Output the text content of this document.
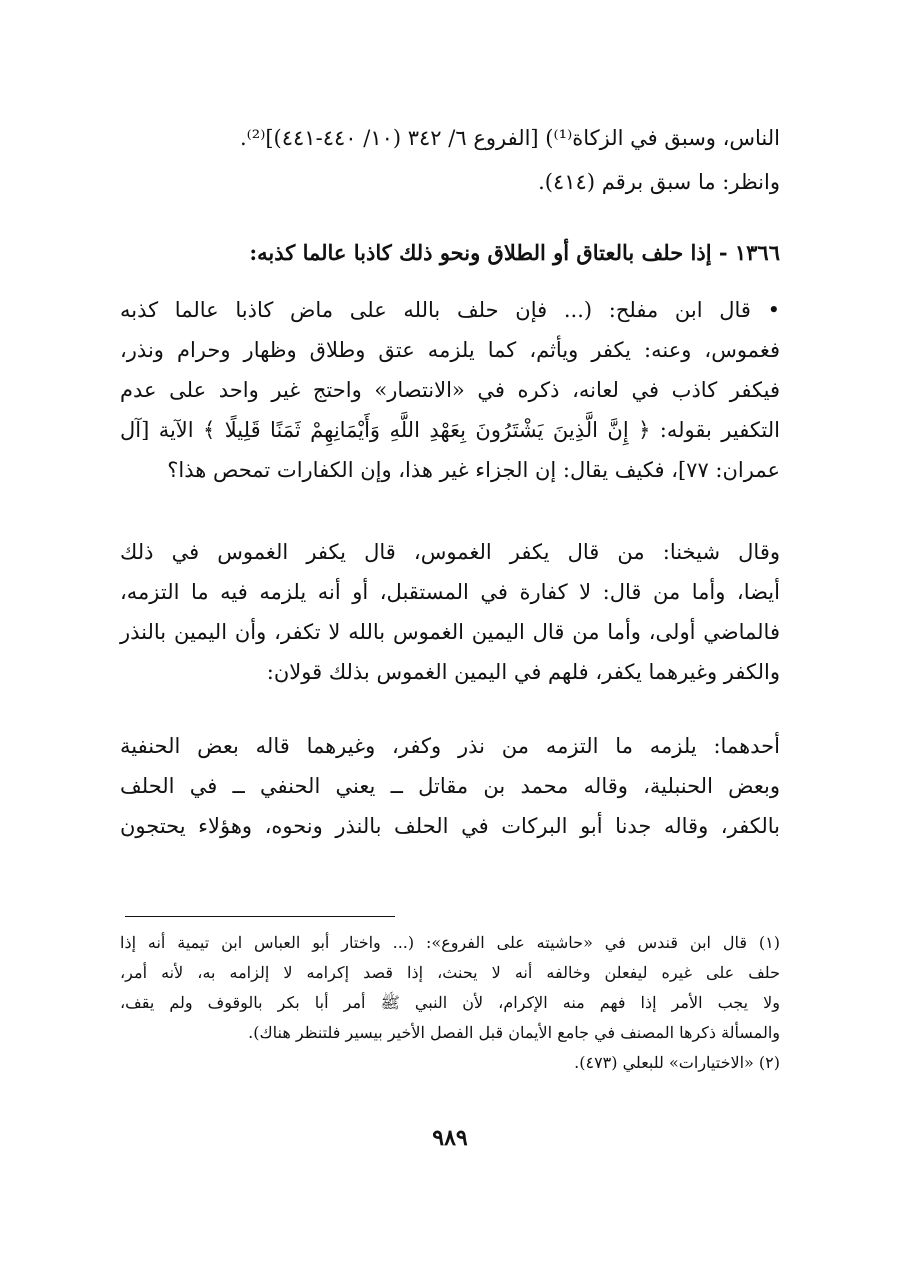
الناس، وسبق في الزكاة⁽¹⁾) [الفروع ٦/ ٣٤٢ (١٠/ ٤٤٠-٤٤١)]⁽²⁾.
وانظر: ما سبق برقم (٤١٤).
١٣٦٦ - إذا حلف بالعتاق أو الطلاق ونحو ذلك كاذبا عالما كذبه:
• قال ابن مفلح: (... فإن حلف بالله على ماض كاذبا عالما كذبه
فغموس، وعنه: يكفر ويأثم، كما يلزمه عتق وطلاق وظهار وحرام ونذر،
فيكفر كاذب في لعانه، ذكره في «الانتصار» واحتج غير واحد على عدم
التكفير بقوله: ﴿ إِنَّ الَّذِينَ يَشْتَرُونَ بِعَهْدِ اللَّهِ وَأَيْمَانِهِمْ ثَمَنًا قَلِيلًا ﴾ الآية [آل
عمران: ٧٧]، فكيف يقال: إن الجزاء غير هذا، وإن الكفارات تمحص هذا؟
وقال شيخنا: من قال يكفر الغموس، قال يكفر الغموس في ذلك
أيضا، وأما من قال: لا كفارة في المستقبل، أو أنه يلزمه فيه ما التزمه،
فالماضي أولى، وأما من قال اليمين الغموس بالله لا تكفر، وأن اليمين بالنذر
والكفر وغيرهما يكفر، فلهم في اليمين الغموس بذلك قولان:
أحدهما: يلزمه ما التزمه من نذر وكفر، وغيرهما قاله بعض الحنفية
وبعض الحنبلية، وقاله محمد بن مقاتل ــ يعني الحنفي ــ في الحلف
بالكفر، وقاله جدنا أبو البركات في الحلف بالنذر ونحوه، وهؤلاء يحتجون
(١) قال ابن قندس في «حاشيته على الفروع»: (... واختار أبو العباس ابن تيمية أنه إذا
حلف على غيره ليفعلن وخالفه أنه لا يحنث، إذا قصد إكرامه لا إلزامه به، لأنه أمر،
ولا يجب الأمر إذا فهم منه الإكرام، لأن النبي ﷺ أمر أبا بكر بالوقوف ولم يقف،
والمسألة ذكرها المصنف في جامع الأيمان قبل الفصل الأخير بيسير فلتنظر هناك).
(٢) «الاختيارات» للبعلي (٤٧٣).
٩٨٩
